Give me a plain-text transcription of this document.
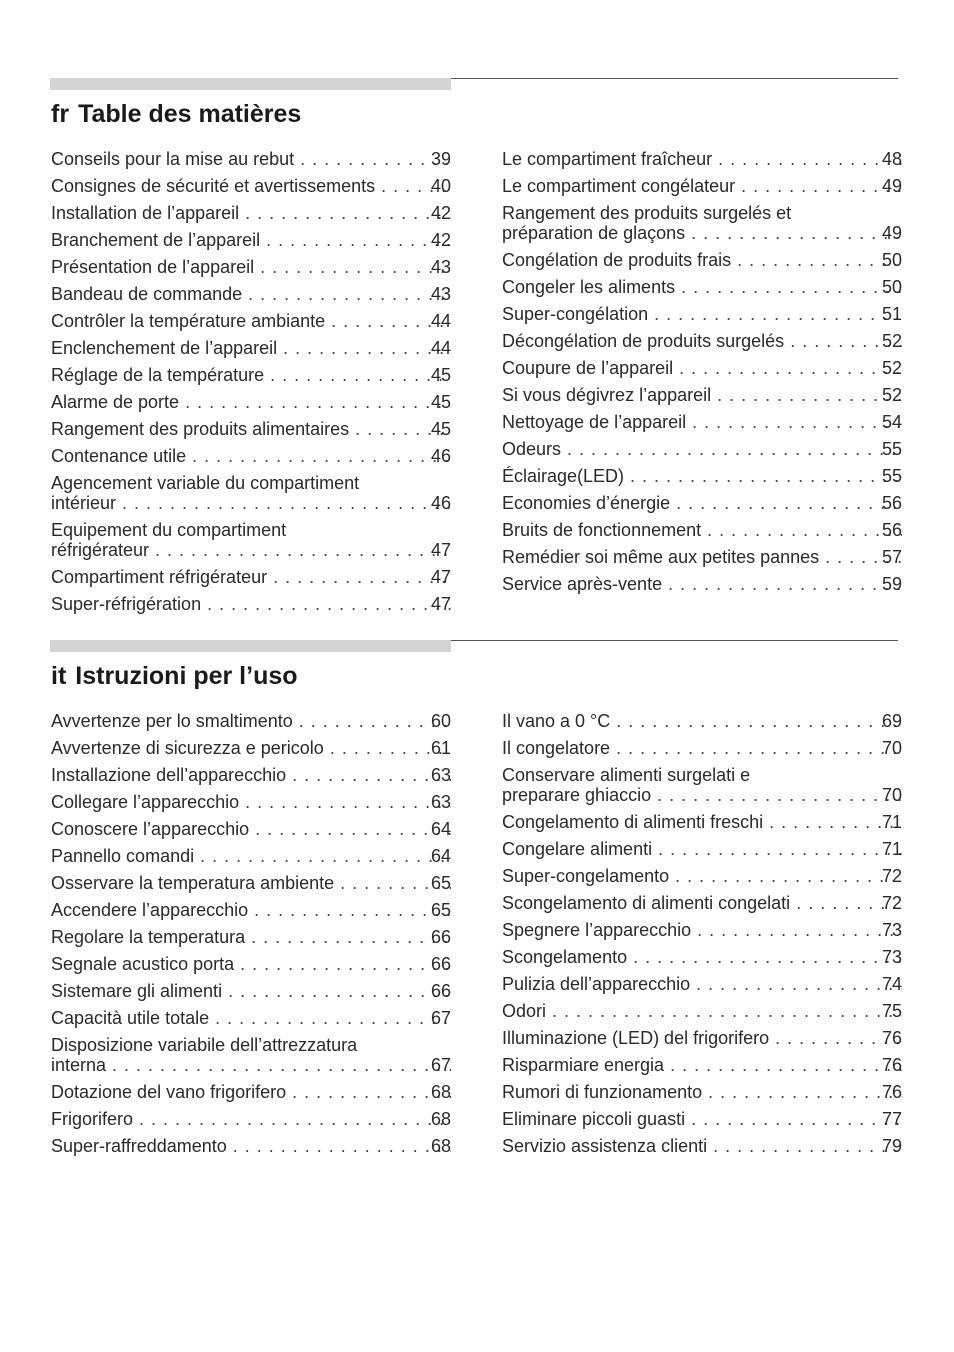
fr Table des matières
Conseils pour la mise au rebut . . .	39
Consignes de sécurité et avertissements . . .	40
Installation de l’appareil . . .	42
Branchement de l’appareil . . .	42
Présentation de l’appareil . . .	43
Bandeau de commande . . .	43
Contrôler la température ambiante . . .	44
Enclenchement de l’appareil . . .	44
Réglage de la température . . .	45
Alarme de porte . . .	45
Rangement des produits alimentaires . . .	45
Contenance utile . . .	46
Agencement variable du compartiment
intérieur . . .	46
Equipement du compartiment
réfrigérateur . . .	47
Compartiment réfrigérateur . . .	47
Super-réfrigération . . .	47
Le compartiment fraîcheur . . .	48
Le compartiment congélateur . . .	49
Rangement des produits surgelés et
préparation de glaçons . . .	49
Congélation de produits frais . . .	50
Congeler les aliments . . .	50
Super-congélation . . .	51
Décongélation de produits surgelés . . .	52
Coupure de l’appareil . . .	52
Si vous dégivrez l’appareil . . .	52
Nettoyage de l’appareil . . .	54
Odeurs . . .	55
Éclairage(LED) . . .	55
Economies d’énergie . . .	56
Bruits de fonctionnement . . .	56
Remédier soi même aux petites pannes . . .	57
Service après-vente . . .	59
it Istruzioni per l’uso
Avvertenze per lo smaltimento . . .	60
Avvertenze di sicurezza e pericolo . . .	61
Installazione dell’apparecchio . . .	63
Collegare l’apparecchio . . .	63
Conoscere l’apparecchio . . .	64
Pannello comandi . . .	64
Osservare la temperatura ambiente . . .	65
Accendere l’apparecchio . . .	65
Regolare la temperatura . . .	66
Segnale acustico porta . . .	66
Sistemare gli alimenti . . .	66
Capacità utile totale . . .	67
Disposizione variabile dell’attrezzatura
interna . . .	67
Dotazione del vano frigorifero . . .	68
Frigorifero . . .	68
Super-raffreddamento . . .	68
Il vano a 0 °C . . .	69
Il congelatore . . .	70
Conservare alimenti surgelati e
preparare ghiaccio . . .	70
Congelamento di alimenti freschi . . .	71
Congelare alimenti . . .	71
Super-congelamento . . .	72
Scongelamento di alimenti congelati . . .	72
Spegnere l’apparecchio . . .	73
Scongelamento . . .	73
Pulizia dell’apparecchio . . .	74
Odori . . .	75
Illuminazione (LED) del frigorifero . . .	76
Risparmiare energia . . .	76
Rumori di funzionamento . . .	76
Eliminare piccoli guasti . . .	77
Servizio assistenza clienti . . .	79
